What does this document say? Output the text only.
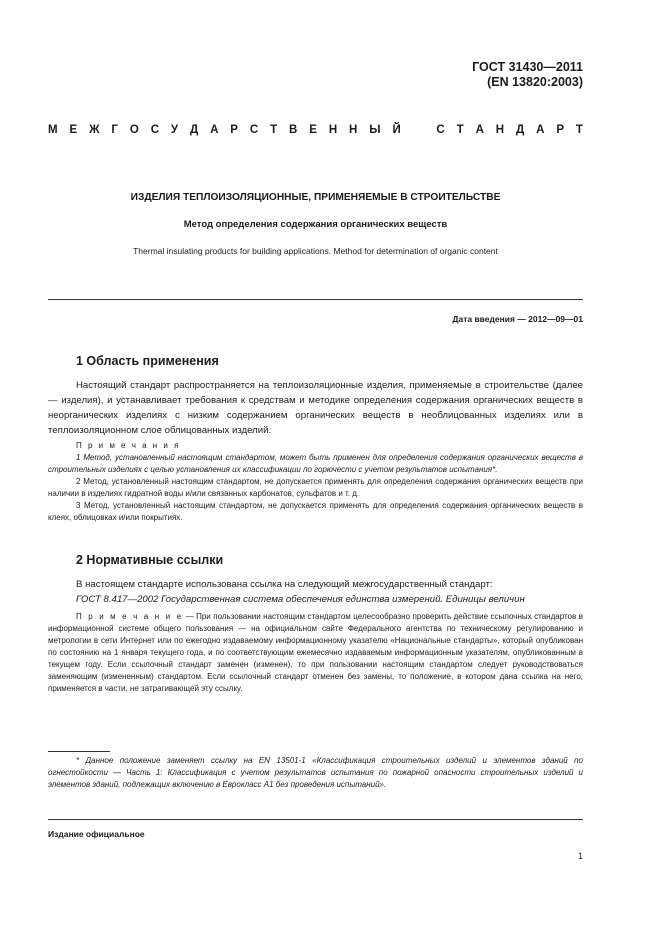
ГОСТ 31430—2011
(EN 13820:2003)
М Е Ж Г О С У Д А Р С Т В Е Н Н Ы Й	С Т А Н Д А Р Т
ИЗДЕЛИЯ ТЕПЛОИЗОЛЯЦИОННЫЕ, ПРИМЕНЯЕМЫЕ В СТРОИТЕЛЬСТВЕ
Метод определения содержания органических веществ
Thermal insulating products for building applications. Method for determination of organic content
Дата введения — 2012—09—01
1 Область применения

Настоящий стандарт распространяется на теплоизоляционные изделия, применяемые в строительстве (далее — изделия), и устанавливает требования к средствам и методике определения содержания органических веществ в неорганических изделиях с низким содержанием органических веществ в необлицованных изделиях или в теплоизоляционном слое облицованных изделий.

П р и м е ч а н и я

1 Метод, установленный настоящим стандартом, может быть применен для определения содержания органических веществ в строительных изделиях с целью установления их классификации по горючести с учетом результатов испытания*.

2 Метод, установленный настоящим стандартом, не допускается применять для определения содержания органических веществ при наличии в изделиях гидратной воды и/или связанных карбонатов, сульфатов и т. д.

3 Метод, установленный настоящим стандартом, не допускается применять для определения содержания органических веществ в клеях, облицовках и/или покрытиях.

2 Нормативные ссылки

В настоящем стандарте использована ссылка на следующий межгосударственный стандарт:

ГОСТ 8.417—2002 Государственная система обеспечения единства измерений. Единицы величин

П р и м е ч а н и е — При пользовании настоящим стандартом целесообразно проверить действие ссылочных стандартов в информационной системе общего пользования — на официальном сайте Федерального агентства по техническому регулированию и метрологии в сети Интернет или по ежегодно издаваемому информационному указателю «Национальные стандарты», который опубликован по состоянию на 1 января текущего года, и по соответствующим ежемесячно издаваемым информационным указателям, опубликованным в текущем году. Если ссылочный стандарт заменен (изменен), то при пользовании настоящим стандартом следует руководствоваться заменяющим (измененным) стандартом. Если ссылочный стандарт отменен без замены, то положение, в котором дана ссылка на него, применяется в части, не затрагивающей эту ссылку.

* Данное положение заменяет ссылку на EN 13501-1 «Классификация строительных изделий и элементов зданий по огнестойкости — Часть 1: Классификация с учетом результатов испытания по пожарной опасности строительных изделий и элементов зданий, подлежащих включению в Еврокласс А1 без проведения испытаний».

Издание официальное
1
